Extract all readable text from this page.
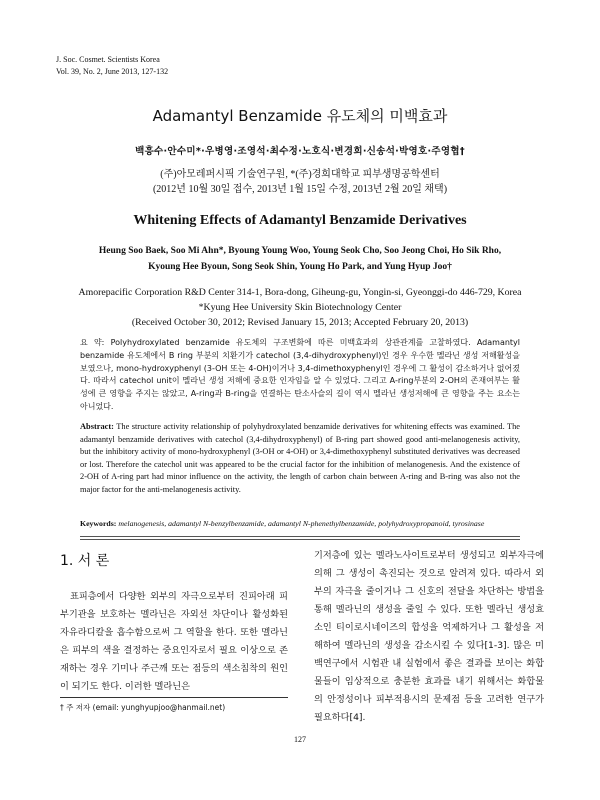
J. Soc. Cosmet. Scientists Korea
Vol. 39, No. 2, June 2013, 127-132
Adamantyl Benzamide 유도체의 미백효과
백흥수·안수미*·우병영·조영석·최수정·노호식·변경희·신송석·박영호·주영협†
(주)아모레퍼시픽 기술연구원, *(주)경희대학교 피부생명공학센터
(2012년 10월 30일 접수, 2013년 1월 15일 수정, 2013년 2월 20일 채택)
Whitening Effects of Adamantyl Benzamide Derivatives
Heung Soo Baek, Soo Mi Ahn*, Byoung Young Woo, Young Seok Cho, Soo Jeong Choi, Ho Sik Rho,
Kyoung Hee Byoun, Song Seok Shin, Young Ho Park, and Yung Hyup Joo†
Amorepacific Corporation R&D Center 314-1, Bora-dong, Giheung-gu, Yongin-si, Gyeonggi-do 446-729, Korea
*Kyung Hee University Skin Biotechnology Center
(Received October 30, 2012; Revised January 15, 2013; Accepted February 20, 2013)
요 약: Polyhydroxylated benzamide 유도체의 구조변화에 따른 미백효과의 상관관계를 고찰하였다. Adamantyl benzamide 유도체에서 B ring 부분의 치환기가 catechol (3,4-dihydroxyphenyl)인 경우 우수한 멜라닌 생성 저해활성을 보였으나, mono-hydroxyphenyl (3-OH 또는 4-OH)이거나 3,4-dimethoxyphenyl인 경우에 그 활성이 감소하거나 없어졌다. 따라서 catechol unit이 멜라닌 생성 저해에 중요한 인자임을 알 수 있었다. 그리고 A-ring부분의 2-OH의 존재여부는 활성에 큰 영향을 주지는 않았고, A-ring과 B-ring을 연결하는 탄소사슬의 길이 역시 멜라닌 생성저해에 큰 영향을 주는 요소는 아니었다.
Abstract: The structure activity relationship of polyhydroxylated benzamide derivatives for whitening effects was examined. The adamantyl benzamide derivatives with catechol (3,4-dihydroxyphenyl) of B-ring part showed good anti-melanogenesis activity, but the inhibitory activity of mono-hydroxyphenyl (3-OH or 4-OH) or 3,4-dimethoxyphenyl substituted derivatives was decreased or lost. Therefore the catechol unit was appeared to be the crucial factor for the inhibition of melanogenesis. And the existence of 2-OH of A-ring part had minor influence on the activity, the length of carbon chain between A-ring and B-ring was also not the major factor for the anti-melanogenesis activity.
Keywords: melanogenesis, adamantyl N-benzylbenzamide, adamantyl N-phenethylbenzamide, polyhydroxypropanoid, tyrosinase
1. 서 론

표피층에서 다양한 외부의 자극으로부터 진피아래 피부기관을 보호하는 멜라닌은 자외선 차단이나 활성화된 자유라디칼을 흡수함으로써 그 역할을 한다. 또한 멜라닌은 피부의 색을 결정하는 중요인자로서 필요 이상으로 존재하는 경우 기미나 주근깨 또는 점등의 색소침착의 원인이 되기도 한다. 이러한 멜라닌은

기저층에 있는 멜라노사이트로부터 생성되고 외부자극에 의해 그 생성이 촉진되는 것으로 알려져 있다. 따라서 외부의 자극을 줄이거나 그 신호의 전달을 차단하는 방법을 통해 멜라닌의 생성을 줄일 수 있다. 또한 멜라닌 생성효소인 티이로시네이즈의 합성을 억제하거나 그 활성을 저해하여 멜라닌의 생성을 감소시킬 수 있다[1-3]. 많은 미백연구에서 시험관 내 실험에서 좋은 결과를 보이는 화합물들이 임상적으로 충분한 효과를 내기 위해서는 화합물의 안정성이나 피부적용시의 문제점 등을 고려한 연구가 필요하다[4].

† 주 저자 (email: yunghyupjoo@hanmail.net)
127
